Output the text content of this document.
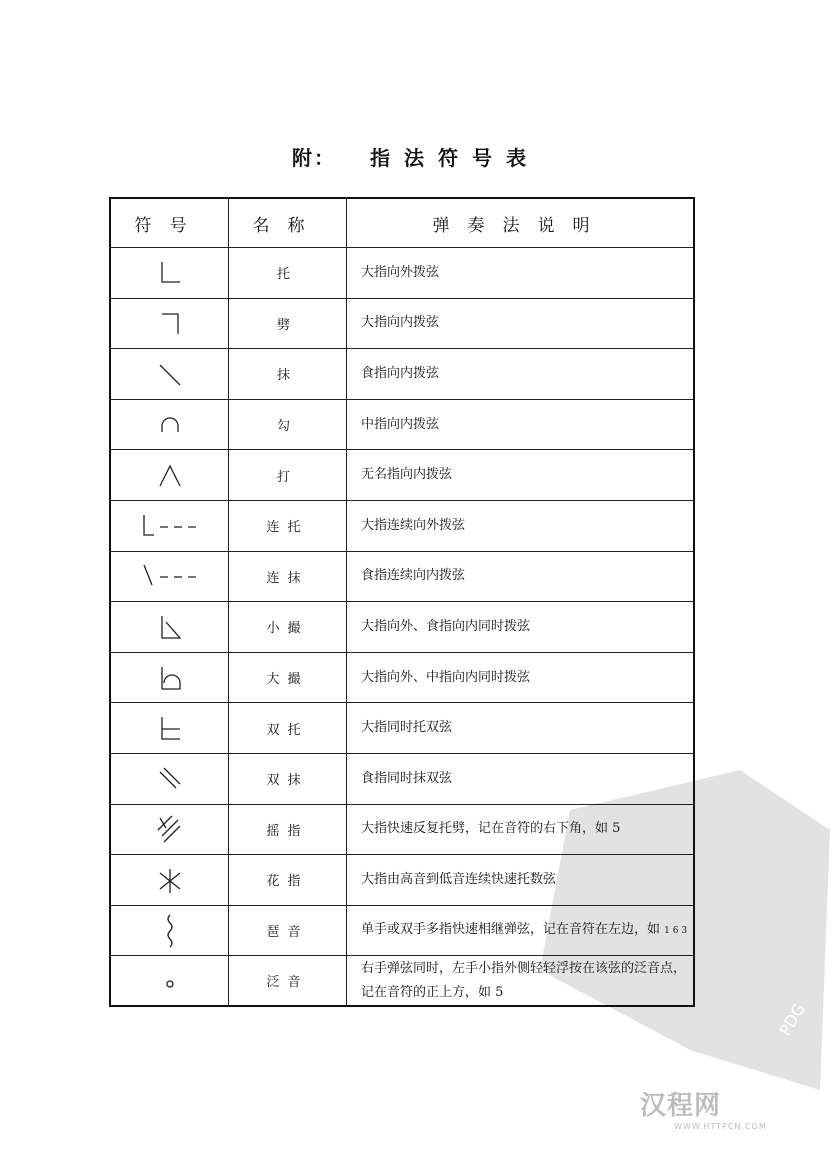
附： 指法符号表
PDG
符号	名称	弹奏法说明

	托	大指向外拨弦

	劈	大指向内拨弦

	抹	食指向内拨弦

	勾	中指向内拨弦

	打	无名指向内拨弦

	连托	大指连续向外拨弦

	连抹	食指连续向内拨弦

	小撮	大指向外、食指向内同时拨弦

	大撮	大指向外、中指向内同时拨弦

	双托	大指同时托双弦

	双抹	食指同时抹双弦

	摇指	大指快速反复托劈，记在音符的右下角，如 5

	花指	大指由高音到低音连续快速托数弦

	琶音	单手或双手多指快速相继弹弦，记在音符在左边，如 1 6 3

	泛音	右手弹弦同时，左手小指外侧轻轻浮按在该弦的泛音点，记在音符的正上方，如 5
汉程网
WWW.HTTPCN.COM
